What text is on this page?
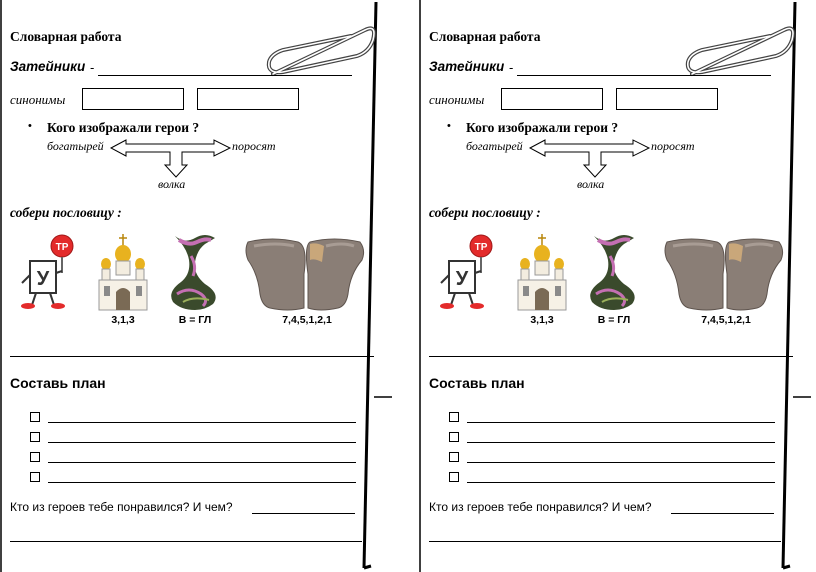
Словарная работа
Затейники -
синонимы
• Кого изображали герои ?
богатырей	поросят
волка
собери пословицу :
ТР
У
3,1,3	В = ГЛ	7,4,5,1,2,1
Составь план
Кто из героев тебе понравился? И чем?
Словарная работа
Затейники -
синонимы
• Кого изображали герои ?
богатырей	поросят
волка
собери пословицу :
ТР
У
3,1,3	В = ГЛ	7,4,5,1,2,1
Составь план
Кто из героев тебе понравился? И чем?
